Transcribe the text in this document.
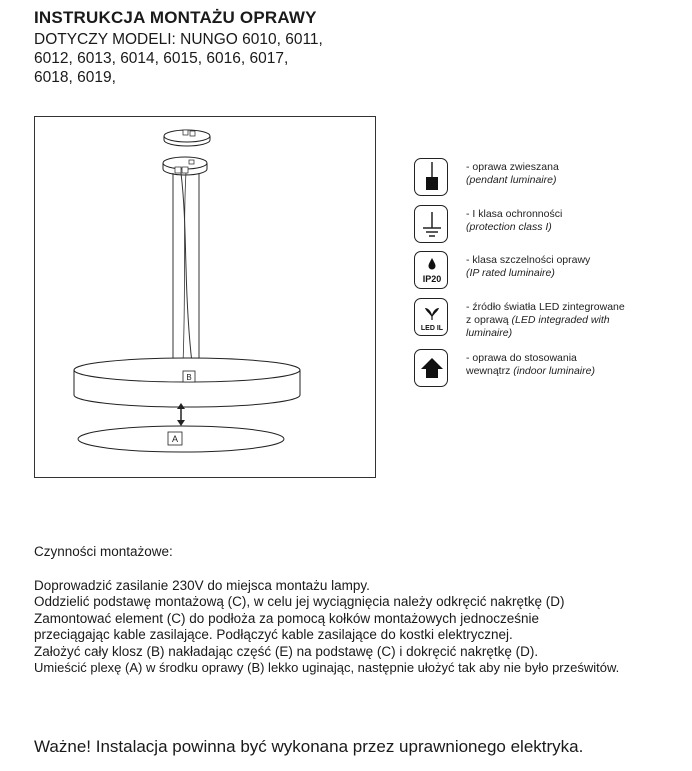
INSTRUKCJA MONTAŻU OPRAWY
DOTYCZY MODELI: NUNGO 6010, 6011,
6012, 6013, 6014, 6015, 6016, 6017,
6018, 6019,
B
A
- oprawa zwieszana
(pendant luminaire)
- I klasa ochronności
(protection class I)
IP20
- klasa szczelności oprawy
(IP rated luminaire)
LED IL
- źródło światła LED zintegrowane
z oprawą (LED integraded with
luminaire)
- oprawa do stosowania
wewnątrz (indoor luminaire)
Czynności montażowe:
Doprowadzić zasilanie 230V do miejsca montażu lampy.
Oddzielić podstawę montażową (C), w celu jej wyciągnięcia należy odkręcić nakrętkę (D)
Zamontować element (C) do podłoża za pomocą kołków montażowych jednocześnie
przeciągając kable zasilające. Podłączyć kable zasilające do kostki elektrycznej.
Założyć cały klosz (B) nakładając część (E) na podstawę (C) i dokręcić nakrętkę (D).
Umieścić plexę (A) w środku oprawy (B) lekko uginając, następnie ułożyć tak aby nie było prześwitów.
Ważne! Instalacja powinna być wykonana przez uprawnionego elektryka.
